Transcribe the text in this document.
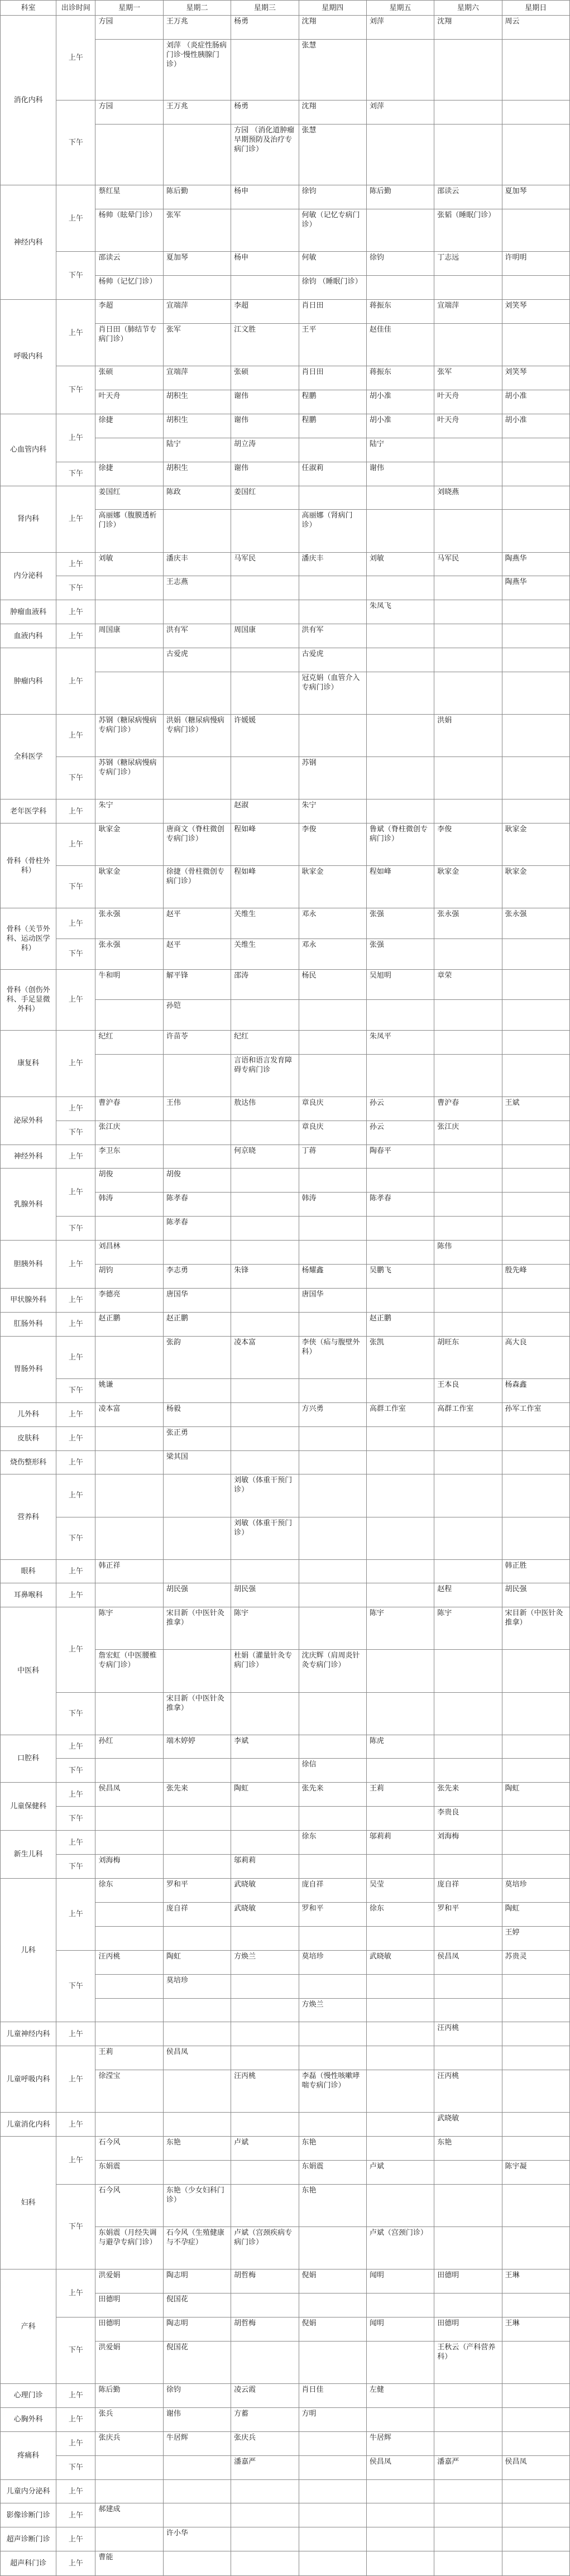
科室	出诊时间	星期一	星期二	星期三	星期四	星期五	星期六	星期日
消化内科	上午	方园	王万兆	杨勇	沈翔	刘萍	沈翔	周云
			刘萍 （炎症性肠病门诊·慢性胰腺门诊）		张慧			
	下午	方园	王万兆	杨勇	沈翔	刘萍		
				方园 （消化道肿瘤早期预防及治疗专病门诊）	张慧			
神经内科	上午	蔡红星	陈后勤	杨申	徐钧	陈后勤	邵读云	夏加琴
		杨帅（眩晕门诊）	张军		何敏（记忆专病门诊）		张韬（睡眠门诊）	
	下午	邵读云	夏加琴	杨申	何敏	徐钧	丁志远	许明明
		杨帅（记忆门诊）			徐钧 （睡眠门诊）			
呼吸内科	上午	李超	宣端萍	李超	肖日田	蒋振东	宣端萍	刘笑琴
		肖日田（肺结节专病门诊）	张军	江文胜	王平	赵佳佳		
	下午	张硕	宣端萍	张硕	肖日田	蒋振东	张军	刘笑琴
		叶天舟	胡积生	谢伟	程鹏	胡小准	叶天舟	胡小准
心血管内科	上午	徐捷	胡积生	谢伟	程鹏	胡小准	叶天舟	胡小准
			陆宁	胡立涛		陆宁		
	下午	徐捷	胡积生	谢伟	任淑莉	谢伟		
肾内科	上午	姜国红	陈政	姜国红			刘晓燕	
		高丽娜（腹膜透析门诊）			高丽娜（肾病门诊）			
内分泌科	上午	刘敏	潘庆丰	马军民	潘庆丰	刘敏	马军民	陶燕华
	下午		王志燕					陶燕华
肿瘤血液科	上午					朱凤飞		
血液内科	上午	周国康	洪有军	周国康	洪有军			
肿瘤内科	上午		古爱虎		古爱虎			
					冠克娟（血管介入专病门诊）			
全科医学	上午	苏钢（糖尿病慢病专病门诊）	洪娟（糖尿病慢病专病门诊）	许媛媛			洪娟	
	下午	苏钢（糖尿病慢病专病门诊）			苏钢			
老年医学科	上午	朱宁		赵淑	朱宁			
骨科（骨柱外科）	上午	耿家金	唐商文（脊柱微创专病门诊）	程如峰	李俊	鲁斌（脊柱微创专病门诊）	李俊	耿家金
	下午	耿家金	徐捷（骨柱微创专病门诊）	程如峰	耿家金	程如峰	耿家金	耿家金
骨科（关节外科、运动医学科）	上午	张永强	赵平	关维生	邓永	张强	张永强	张永强
	下午	张永强	赵平	关维生	邓永	张强		
骨科（创伤外科、手足显微外科）	上午	牛和明	解平锋	邵涛	杨民	吴旭明	章荣	
			孙铠					
康复科	上午	纪红	许苗苓	纪红		朱凤平		
				言语和语言发育障碍专病门诊				
泌尿外科	上午	曹沪春	王伟	敖达伟	章良庆	孙云	曹沪春	王斌
	下午	张江庆			章良庆	孙云	张江庆	
神经外科	上午	李卫东		何京晓	丁蒋	陶春平		
乳腺外科	上午	胡俊	胡俊					
		韩涛	陈孝春		韩涛	陈孝春		
	下午		陈孝春					
胆胰外科	上午	刘昌林					陈伟	
		胡钧	李志勇	朱锋	杨耀鑫	吴鹏飞		殷先峰
甲状腺外科	上午	李德亮	唐国华		唐国华			
肛肠外科	上午	赵正鹏	赵正鹏			赵正鹏		
胃肠外科	上午		张韵	凌本富	李侠（疝与腹壁外科）	张凯	胡旺东	高大良
	下午	姚谦					王本良	杨森鑫
儿外科	上午	凌本富	杨毅		方兴勇	高群工作室	高群工作室	孙军工作室
皮肤科	上午		张正勇					
烧伤整形科	上午		梁其国					
营养科	上午			刘敏（体重干预门诊）				
	下午			刘敏（体重干预门诊）				
眼科	上午	韩正祥						韩正胜
耳鼻喉科	上午		胡民强	胡民强			赵程	胡民强
中医科	上午	陈宇	宋目新（中医针灸推拿）	陈宇		陈宇	陈宇	宋目新（中医针灸推拿）
		詹宏虹（中医腰椎专病门诊）		杜娟（灌量针灸专病门诊）	沈庆辉（肩周炎针灸专病门诊）			
	下午		宋目新（中医针灸推拿）					
口腔科	上午	孙红	端木婷婷	李斌		陈虎		
	下午				徐信			
儿童保健科	上午	侯昌凤	张先来	陶虹	张先来	王莉	张先来	陶虹
	下午						李贵良	
新生儿科	上午				徐东	邬莉莉	刘海梅	
	下午	刘海梅		邬莉莉				
儿科	上午	徐东	罗和平	武晓敏	庞自祥	吴莹	庞自祥	莫培珍
			庞自祥	武晓敏	罗和平	徐东	罗和平	陶虹
								王婷
	下午	汪丙桃	陶虹	方焕兰	莫培珍	武晓敏	侯昌凤	苏贵灵
			莫培珍					
					方焕兰			
儿童神经内科	上午						汪丙桃	
儿童呼吸内科	上午	王莉	侯昌凤					
		徐滢宝		汪丙桃	李磊（慢性咳嗽哮喘专病门诊）		汪丙桃	
儿童消化内科	上午						武晓敏	
妇科	上午	石今风	东艳	卢斌	东艳		东艳	
		东娟震			东娟震	卢斌		陈宇凝
	下午	石今风	东艳（少女妇科门诊）		东艳			
		东娟震（月经失调与避孕专病门诊）	石今风（生殖健康与不孕症）	卢斌（宫颈疾病专病门诊）		卢斌（宫颈门诊）		
产科	上午	洪爱娟	陶志明	胡哲梅	倪娟	闻明	田德明	王琳
		田德明	倪国花					
	下午	田德明	陶志明	胡哲梅	倪娟	闻明	田德明	王琳
		洪爱娟	倪国花				王秋云（产科营养科）	
心理门诊	上午	陈后勤	徐钧	凌云霞	肖日佳	左健		
心胸外科	上午	张兵	谢伟	方蓄	方明			
疼痛科	上午	张庆兵	牛居辉	张庆兵		牛居辉		
	下午			潘嘉严		侯昌凤	潘嘉严	侯昌凤
儿童内分泌科	上午							
影像诊断门诊	上午	郝建成						
超声诊断门诊	上午		许小华					
超声科门诊	上午	曹能						
